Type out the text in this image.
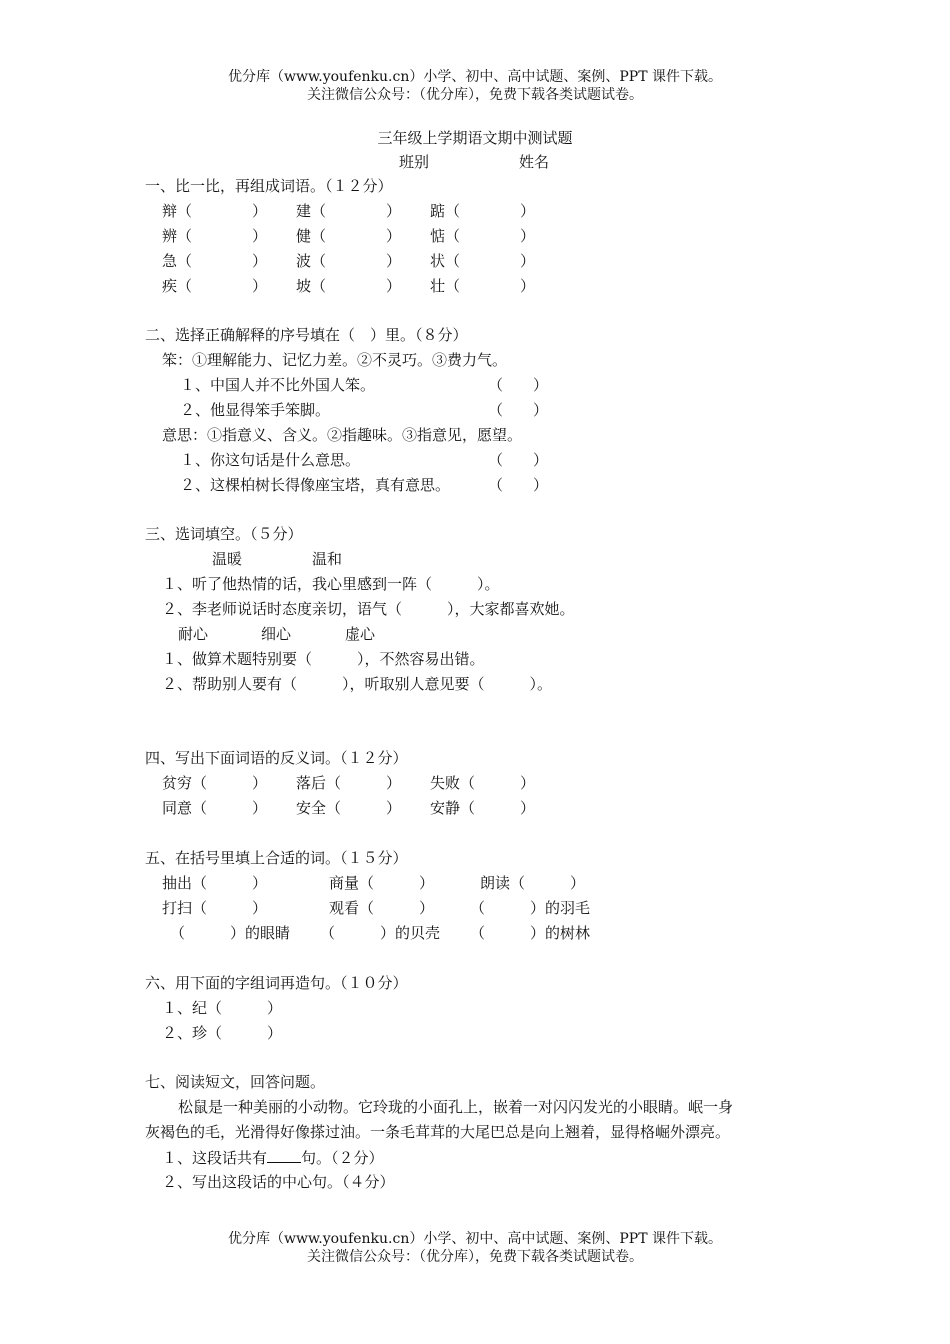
优分库（www.youfenku.cn）小学、初中、高中试题、案例、PPT 课件下载。
关注微信公众号：（优分库），免费下载各类试题试卷。
三年级上学期语文期中测试题
班别	姓名
一、比一比，再组成词语。（１２分）
辩（　　　　） 建（　　　　） 踮（　　　　）
辨（　　　　） 健（　　　　） 惦（　　　　）
急（　　　　） 波（　　　　） 状（　　　　）
疾（　　　　） 坡（　　　　） 壮（　　　　）
二、选择正确解释的序号填在（　）里。（８分）
笨：①理解能力、记忆力差。②不灵巧。③费力气。
１、中国人并不比外国人笨。	（　　）
２、他显得笨手笨脚。	（　　）
意思：①指意义、含义。②指趣味。③指意见，愿望。
１、你这句话是什么意思。	（　　）
２、这棵柏树长得像座宝塔，真有意思。	（　　）
三、选词填空。（５分）
温暖	温和
１、听了他热情的话，我心里感到一阵（　　　）。
２、李老师说话时态度亲切，语气（　　　），大家都喜欢她。
耐心	细心	虚心
１、做算术题特别要（　　　），不然容易出错。
２、帮助别人要有（　　　），听取别人意见要（　　　）。
四、写出下面词语的反义词。（１２分）
贫穷（　　　） 落后（　　　） 失败（　　　）
同意（　　　） 安全（　　　） 安静（　　　）
五、在括号里填上合适的词。（１５分）
抽出（　　　）	商量（　　　）	朗读（　　　）
打扫（　　　）	观看（　　　） （　　　）的羽毛
（　　　）的眼睛 （　　　）的贝壳 （　　　）的树林
六、用下面的字组词再造句。（１０分）
１、纪（　　　）
２、珍（　　　）
七、阅读短文，回答问题。
松鼠是一种美丽的小动物。它玲珑的小面孔上，嵌着一对闪闪发光的小眼睛。岷一身
灰褐色的毛，光滑得好像搽过油。一条毛茸茸的大尾巴总是向上翘着，显得格崛外漂亮。
１、这段话共有 句。（２分）
２、写出这段话的中心句。（４分）
优分库（www.youfenku.cn）小学、初中、高中试题、案例、PPT 课件下载。
关注微信公众号：（优分库），免费下载各类试题试卷。
